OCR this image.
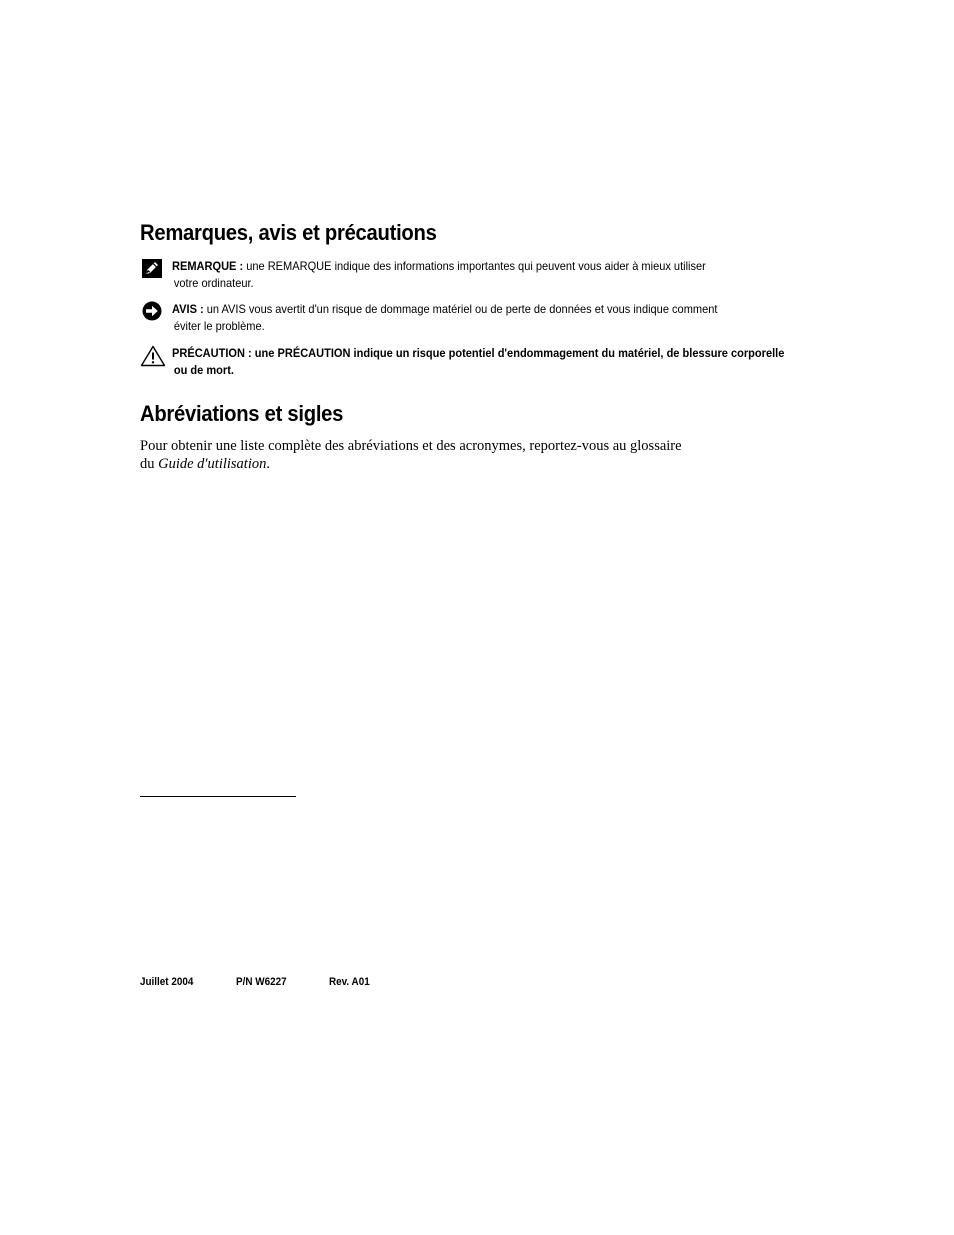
Remarques, avis et précautions
REMARQUE : une REMARQUE indique des informations importantes qui peuvent vous aider à mieux utiliser
votre ordinateur.
AVIS : un AVIS vous avertit d'un risque de dommage matériel ou de perte de données et vous indique comment
éviter le problème.
PRÉCAUTION : une PRÉCAUTION indique un risque potentiel d'endommagement du matériel, de blessure corporelle
ou de mort.
Abréviations et sigles
Pour obtenir une liste complète des abréviations et des acronymes, reportez-vous au glossaire
du Guide d'utilisation.
Juillet 2004	P/N W6227	Rev. A01
